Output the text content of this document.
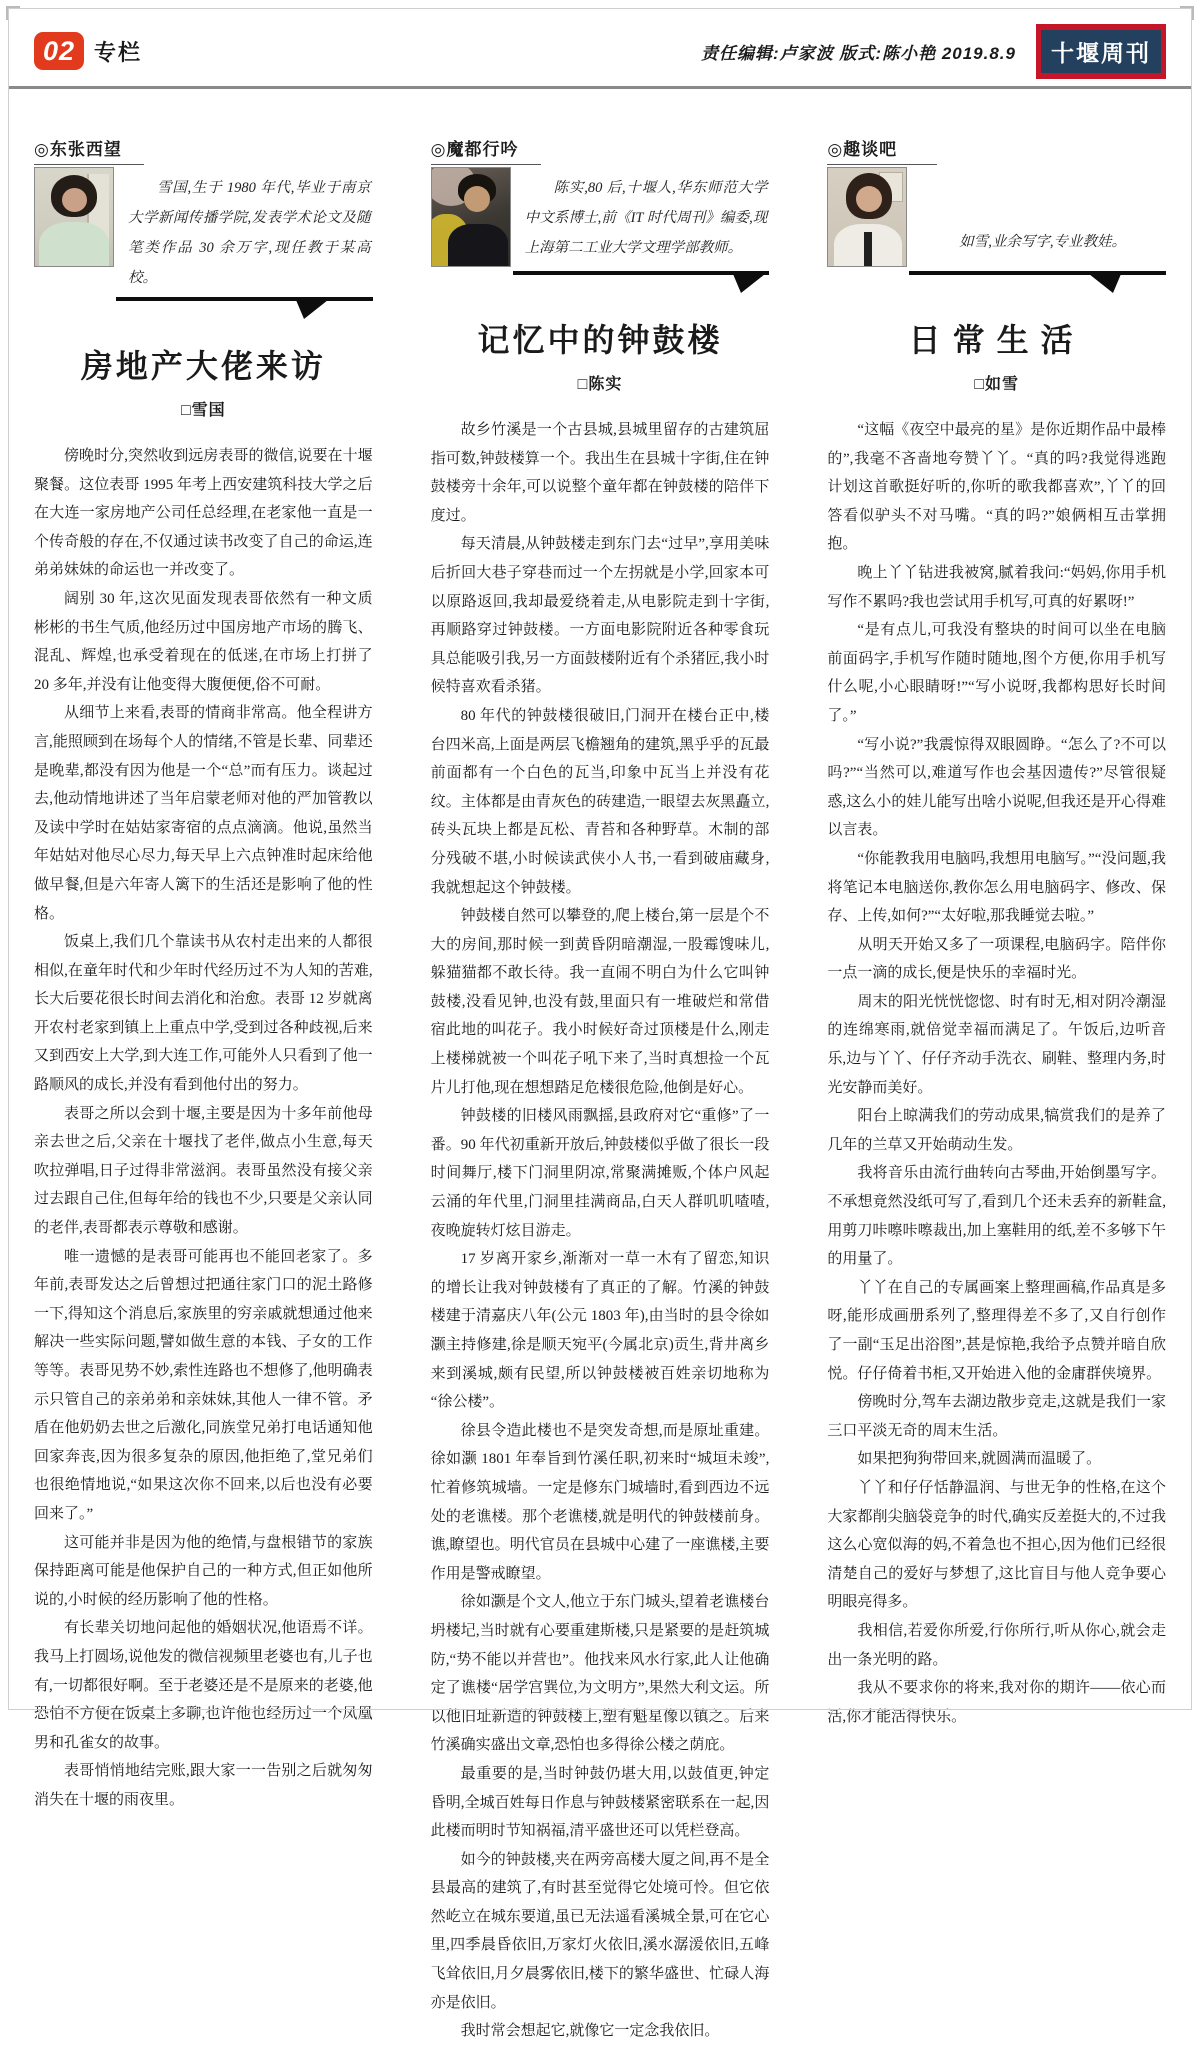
02 专栏	责任编辑:卢家波 版式:陈小艳 2019.8.9	十堰周刊
◎东张西望
雪国,生于 1980 年代,毕业于南京大学新闻传播学院,发表学术论文及随笔类作品 30 余万字,现任教于某高校。
房地产大佬来访
□雪国

傍晚时分,突然收到远房表哥的微信,说要在十堰聚餐。这位表哥 1995 年考上西安建筑科技大学之后在大连一家房地产公司任总经理,在老家他一直是一个传奇般的存在,不仅通过读书改变了自己的命运,连弟弟妹妹的命运也一并改变了。

阔别 30 年,这次见面发现表哥依然有一种文质彬彬的书生气质,他经历过中国房地产市场的腾飞、混乱、辉煌,也承受着现在的低迷,在市场上打拼了 20 多年,并没有让他变得大腹便便,俗不可耐。

从细节上来看,表哥的情商非常高。他全程讲方言,能照顾到在场每个人的情绪,不管是长辈、同辈还是晚辈,都没有因为他是一个“总”而有压力。谈起过去,他动情地讲述了当年启蒙老师对他的严加管教以及读中学时在姑姑家寄宿的点点滴滴。他说,虽然当年姑姑对他尽心尽力,每天早上六点钟准时起床给他做早餐,但是六年寄人篱下的生活还是影响了他的性格。

饭桌上,我们几个靠读书从农村走出来的人都很相似,在童年时代和少年时代经历过不为人知的苦难,长大后要花很长时间去消化和治愈。表哥 12 岁就离开农村老家到镇上上重点中学,受到过各种歧视,后来又到西安上大学,到大连工作,可能外人只看到了他一路顺风的成长,并没有看到他付出的努力。

表哥之所以会到十堰,主要是因为十多年前他母亲去世之后,父亲在十堰找了老伴,做点小生意,每天吹拉弹唱,日子过得非常滋润。表哥虽然没有接父亲过去跟自己住,但每年给的钱也不少,只要是父亲认同的老伴,表哥都表示尊敬和感谢。

唯一遗憾的是表哥可能再也不能回老家了。多年前,表哥发达之后曾想过把通往家门口的泥土路修一下,得知这个消息后,家族里的穷亲戚就想通过他来解决一些实际问题,譬如做生意的本钱、子女的工作等等。表哥见势不妙,索性连路也不想修了,他明确表示只管自己的亲弟弟和亲妹妹,其他人一律不管。矛盾在他奶奶去世之后激化,同族堂兄弟打电话通知他回家奔丧,因为很多复杂的原因,他拒绝了,堂兄弟们也很绝情地说,“如果这次你不回来,以后也没有必要回来了。”

这可能并非是因为他的绝情,与盘根错节的家族保持距离可能是他保护自己的一种方式,但正如他所说的,小时候的经历影响了他的性格。

有长辈关切地问起他的婚姻状况,他语焉不详。我马上打圆场,说他发的微信视频里老婆也有,儿子也有,一切都很好啊。至于老婆还是不是原来的老婆,他恐怕不方便在饭桌上多聊,也许他也经历过一个凤凰男和孔雀女的故事。

表哥悄悄地结完账,跟大家一一告别之后就匆匆消失在十堰的雨夜里。

◎魔都行吟
陈实,80 后,十堰人,华东师范大学中文系博士,前《IT 时代周刊》编委,现上海第二工业大学文理学部教师。
记忆中的钟鼓楼
□陈实

故乡竹溪是一个古县城,县城里留存的古建筑屈指可数,钟鼓楼算一个。我出生在县城十字街,住在钟鼓楼旁十余年,可以说整个童年都在钟鼓楼的陪伴下度过。

每天清晨,从钟鼓楼走到东门去“过早”,享用美味后折回大巷子穿巷而过一个左拐就是小学,回家本可以原路返回,我却最爱绕着走,从电影院走到十字街,再顺路穿过钟鼓楼。一方面电影院附近各种零食玩具总能吸引我,另一方面鼓楼附近有个杀猪匠,我小时候特喜欢看杀猪。

80 年代的钟鼓楼很破旧,门洞开在楼台正中,楼台四米高,上面是两层飞檐翘角的建筑,黑乎乎的瓦最前面都有一个白色的瓦当,印象中瓦当上并没有花纹。主体都是由青灰色的砖建造,一眼望去灰黑矗立,砖头瓦块上都是瓦松、青苔和各种野草。木制的部分残破不堪,小时候读武侠小人书,一看到破庙藏身,我就想起这个钟鼓楼。

钟鼓楼自然可以攀登的,爬上楼台,第一层是个不大的房间,那时候一到黄昏阴暗潮湿,一股霉馊味儿,躲猫猫都不敢长待。我一直闹不明白为什么它叫钟鼓楼,没看见钟,也没有鼓,里面只有一堆破烂和常借宿此地的叫花子。我小时候好奇过顶楼是什么,刚走上楼梯就被一个叫花子吼下来了,当时真想捡一个瓦片儿打他,现在想想踏足危楼很危险,他倒是好心。

钟鼓楼的旧楼风雨飘摇,县政府对它“重修”了一番。90 年代初重新开放后,钟鼓楼似乎做了很长一段时间舞厅,楼下门洞里阴凉,常聚满摊贩,个体户风起云涌的年代里,门洞里挂满商品,白天人群叽叽喳喳,夜晚旋转灯炫目游走。

17 岁离开家乡,渐渐对一草一木有了留恋,知识的增长让我对钟鼓楼有了真正的了解。竹溪的钟鼓楼建于清嘉庆八年(公元 1803 年),由当时的县令徐如灏主持修建,徐是顺天宛平(今属北京)贡生,背井离乡来到溪城,颇有民望,所以钟鼓楼被百姓亲切地称为“徐公楼”。

徐县令造此楼也不是突发奇想,而是原址重建。徐如灏 1801 年奉旨到竹溪任职,初来时“城垣未竣”,忙着修筑城墙。一定是修东门城墙时,看到西边不远处的老谯楼。那个老谯楼,就是明代的钟鼓楼前身。谯,瞭望也。明代官员在县城中心建了一座谯楼,主要作用是警戒瞭望。

徐如灏是个文人,他立于东门城头,望着老谯楼台坍楼圮,当时就有心要重建斯楼,只是紧要的是赶筑城防,“势不能以并营也”。他找来风水行家,此人让他确定了谯楼“居学宫巽位,为文明方”,果然大利文运。所以他旧址新造的钟鼓楼上,塑有魁星像以镇之。后来竹溪确实盛出文章,恐怕也多得徐公楼之荫庇。

最重要的是,当时钟鼓仍堪大用,以鼓值更,钟定昏明,全城百姓每日作息与钟鼓楼紧密联系在一起,因此楼而明时节知祸福,清平盛世还可以凭栏登高。

如今的钟鼓楼,夹在两旁高楼大厦之间,再不是全县最高的建筑了,有时甚至觉得它处境可怜。但它依然屹立在城东要道,虽已无法遥看溪城全景,可在它心里,四季晨昏依旧,万家灯火依旧,溪水潺湲依旧,五峰飞耸依旧,月夕晨雾依旧,楼下的繁华盛世、忙碌人海亦是依旧。

我时常会想起它,就像它一定念我依旧。

◎趣谈吧
如雪,业余写字,专业教娃。
日常生活
□如雪

“这幅《夜空中最亮的星》是你近期作品中最棒的”,我毫不吝啬地夸赞丫丫。“真的吗?我觉得逃跑计划这首歌挺好听的,你听的歌我都喜欢”,丫丫的回答看似驴头不对马嘴。“真的吗?”娘俩相互击掌拥抱。

晚上丫丫钻进我被窝,腻着我问:“妈妈,你用手机写作不累吗?我也尝试用手机写,可真的好累呀!”

“是有点儿,可我没有整块的时间可以坐在电脑前面码字,手机写作随时随地,图个方便,你用手机写什么呢,小心眼睛呀!”“写小说呀,我都构思好长时间了。”

“写小说?”我震惊得双眼圆睁。“怎么了?不可以吗?”“当然可以,难道写作也会基因遗传?”尽管很疑惑,这么小的娃儿能写出啥小说呢,但我还是开心得难以言表。

“你能教我用电脑吗,我想用电脑写。”“没问题,我将笔记本电脑送你,教你怎么用电脑码字、修改、保存、上传,如何?”“太好啦,那我睡觉去啦。”

从明天开始又多了一项课程,电脑码字。陪伴你一点一滴的成长,便是快乐的幸福时光。

周末的阳光恍恍惚惚、时有时无,相对阴冷潮湿的连绵寒雨,就倍觉幸福而满足了。午饭后,边听音乐,边与丫丫、仔仔齐动手洗衣、刷鞋、整理内务,时光安静而美好。

阳台上晾满我们的劳动成果,犒赏我们的是养了几年的兰草又开始萌动生发。

我将音乐由流行曲转向古琴曲,开始倒墨写字。不承想竟然没纸可写了,看到几个还未丢弃的新鞋盒,用剪刀咔嚓咔嚓裁出,加上塞鞋用的纸,差不多够下午的用量了。

丫丫在自己的专属画案上整理画稿,作品真是多呀,能形成画册系列了,整理得差不多了,又自行创作了一副“玉足出浴图”,甚是惊艳,我给予点赞并暗自欣悦。仔仔倚着书柜,又开始进入他的金庸群侠境界。

傍晚时分,驾车去湖边散步竞走,这就是我们一家三口平淡无奇的周末生活。

如果把狗狗带回来,就圆满而温暖了。

丫丫和仔仔恬静温润、与世无争的性格,在这个大家都削尖脑袋竞争的时代,确实反差挺大的,不过我这么心宽似海的妈,不着急也不担心,因为他们已经很清楚自己的爱好与梦想了,这比盲目与他人竞争要心明眼亮得多。

我相信,若爱你所爱,行你所行,听从你心,就会走出一条光明的路。

我从不要求你的将来,我对你的期许——依心而活,你才能活得快乐。
